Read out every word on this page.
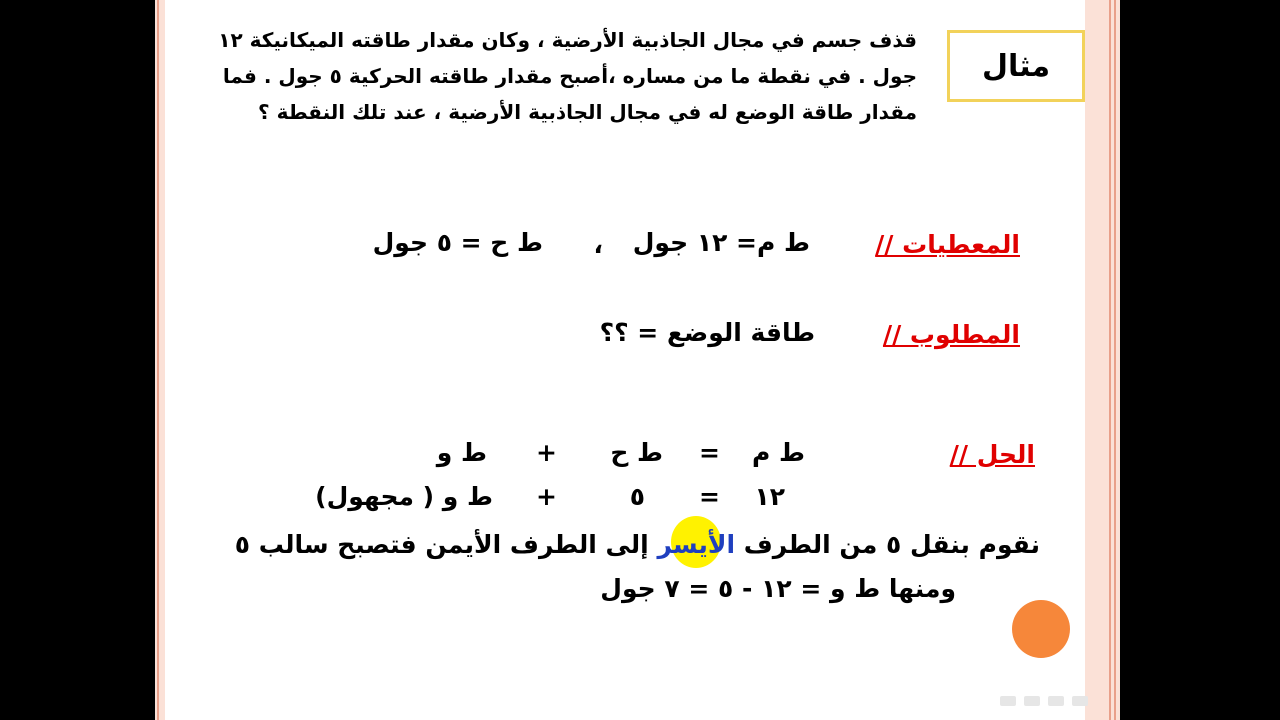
مثال
قذف جسم في مجال الجاذبية الأرضية ، وكان مقدار طاقته الميكانيكة ١٢
جول . في نقطة ما من مساره ،أصبح مقدار طاقته الحركية ٥ جول . فما
مقدار طاقة الوضع له في مجال الجاذبية الأرضية ، عند تلك النقطة ؟
المعطيات //
ط م= ١٢ جول
،
ط ح = ٥ جول
المطلوب //
طاقة الوضع = ؟؟
الحل //
ط م
=
ط ح
+
ط و
١٢
=
٥
+
ط و ( مجهول)
نقوم بنقل ٥ من الطرف الأيسر إلى الطرف الأيمن فتصبح سالب ٥
ومنها ط و = ١٢ - ٥ = ٧ جول
